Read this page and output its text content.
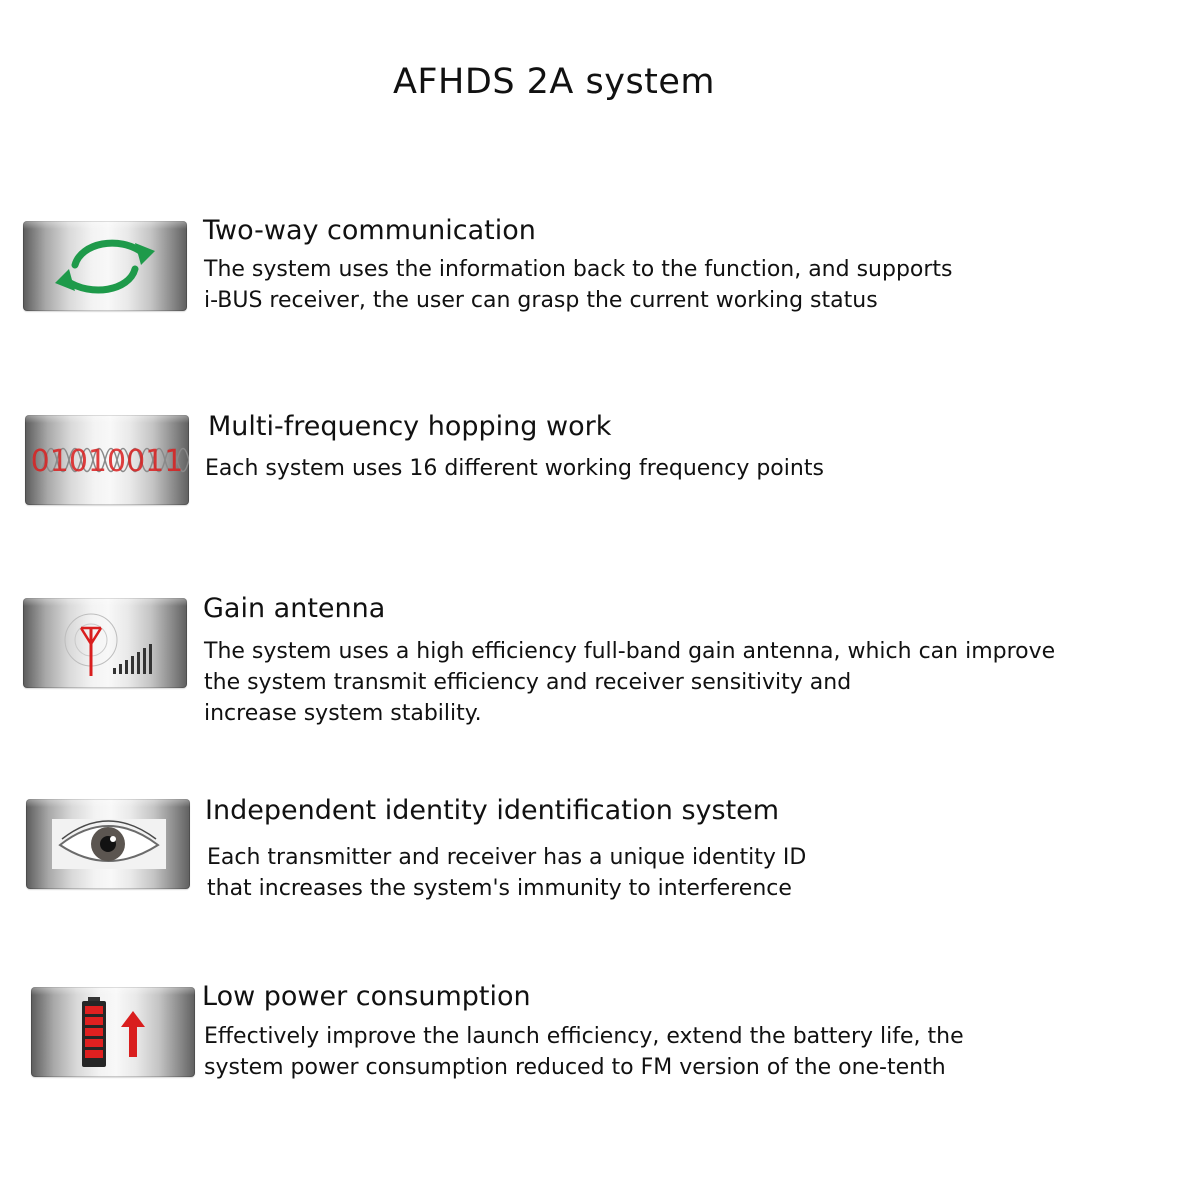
AFHDS 2A system
Two-way communication
The system uses the information back to the function, and supports
i-BUS receiver, the user can grasp the current working status
01010011
Multi-frequency hopping work
Each system uses 16 different working frequency points
Gain antenna
The system uses a high efficiency full-band gain antenna, which can improve
the system transmit efficiency and receiver sensitivity and
increase system stability.
Independent identity identification system
Each transmitter and receiver has a unique identity ID
that increases the system's immunity to interference
Low power consumption
Effectively improve the launch efficiency, extend the battery life, the
system power consumption reduced to FM version of the one-tenth
